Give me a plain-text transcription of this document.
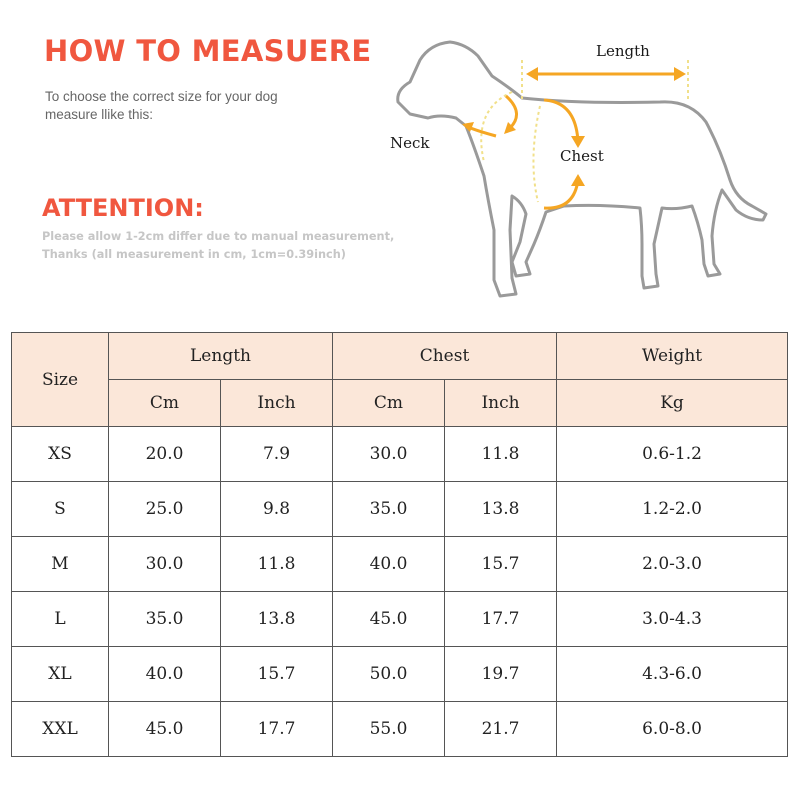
HOW TO MEASUERE

To choose the correct size for your dog
measure llike this:

ATTENTION:

Please allow 1-2cm differ due to manual measurement,
Thanks (all measurement in cm, 1cm=0.39inch)

Length
Neck
Chest
Size	Length		Chest		Weight
	Cm	Inch	Cm	Inch	Kg
XS	20.0	7.9	30.0	11.8	0.6-1.2
S	25.0	9.8	35.0	13.8	1.2-2.0
M	30.0	11.8	40.0	15.7	2.0-3.0
L	35.0	13.8	45.0	17.7	3.0-4.3
XL	40.0	15.7	50.0	19.7	4.3-6.0
XXL	45.0	17.7	55.0	21.7	6.0-8.0
